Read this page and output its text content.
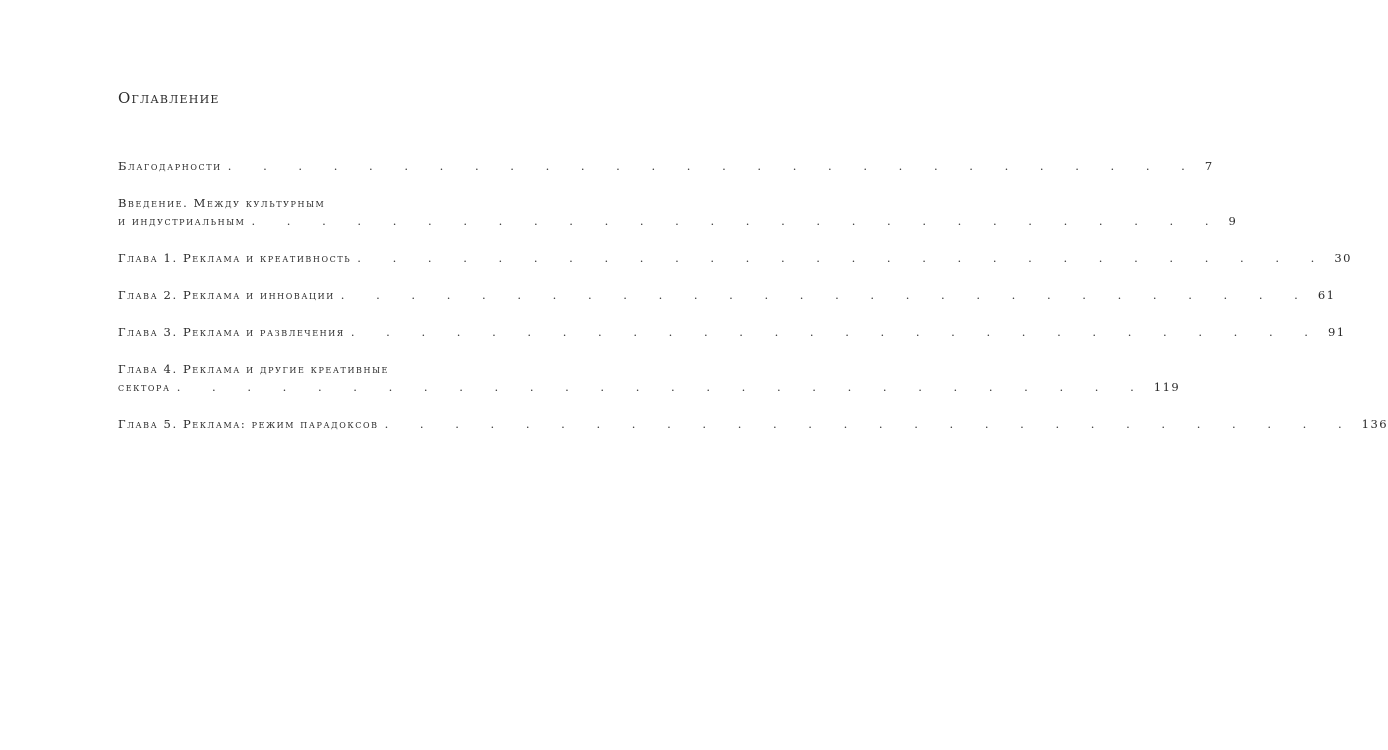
Оглавление
Благодарности . . . . . . . . . . . . . . . . . . . . . . . . . . . . 7
Введение. Между культурным
и индустриальным . . . . . . . . . . . . . . . . . . . . . . . . . . . . 9
Глава 1. Реклама и креативность . . . . . . . . . . . . . . . . . . . . . . . . . . . . 30
Глава 2. Реклама и инновации . . . . . . . . . . . . . . . . . . . . . . . . . . . . 61
Глава 3. Реклама и развлечения . . . . . . . . . . . . . . . . . . . . . . . . . . . . 91
Глава 4. Реклама и другие креативные
сектора . . . . . . . . . . . . . . . . . . . . . . . . . . . . 119
Глава 5. Реклама: режим парадоксов . . . . . . . . . . . . . . . . . . . . . . . . . . . . 136
